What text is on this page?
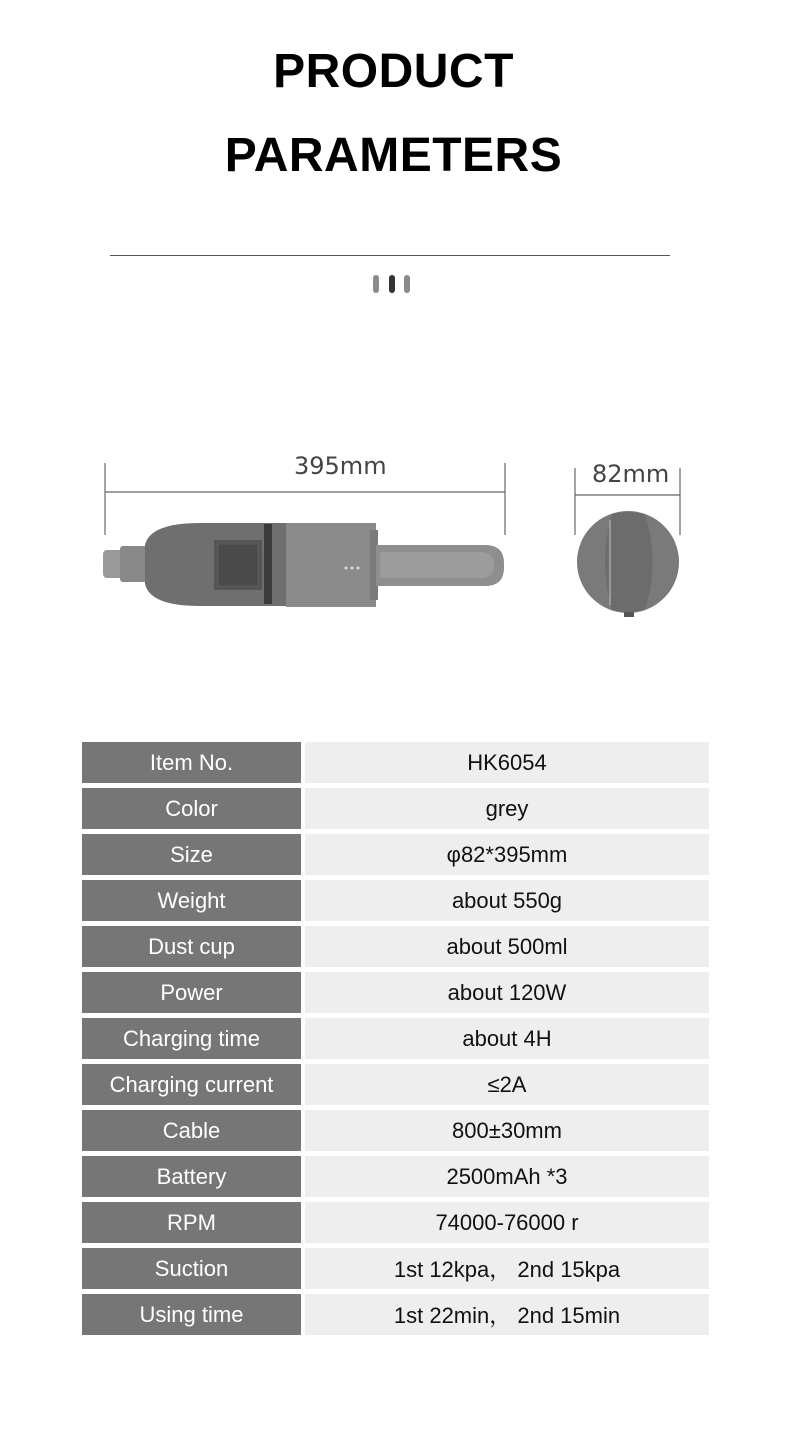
PRODUCT
PARAMETERS
395mm	82mm
Item No.	HK6054
Color	grey
Size	φ82*395mm
Weight	about 550g
Dust cup	about 500ml
Power	about 120W
Charging time	about 4H
Charging current	≤2A
Cable	800±30mm
Battery	2500mAh *3
RPM	74000-76000 r
Suction	1st 12kpa， 2nd 15kpa
Using time	1st 22min， 2nd 15min
